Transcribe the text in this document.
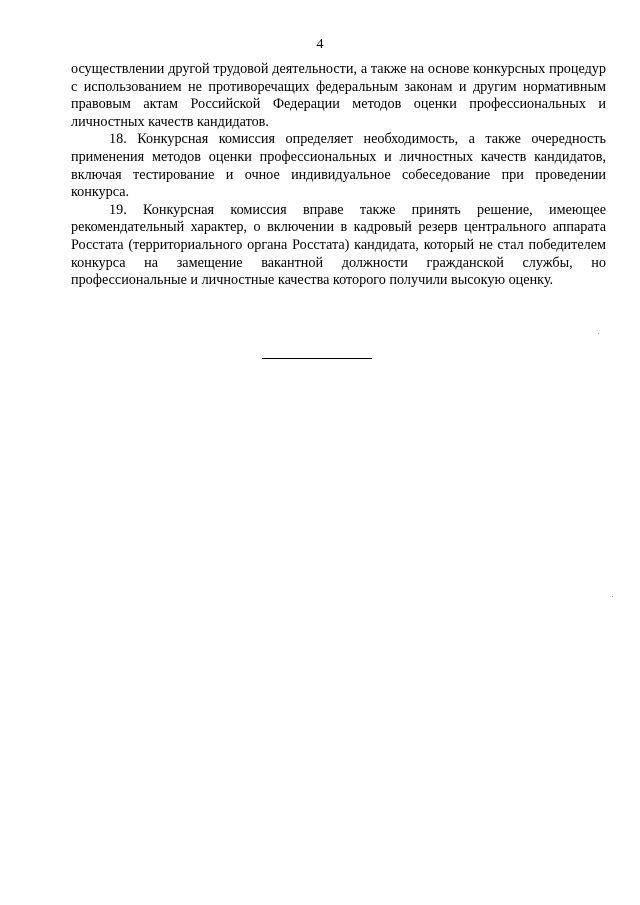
4

осуществлении другой трудовой деятельности, а также на основе конкурсных процедур с использованием не противоречащих федеральным законам и другим нормативным правовым актам Российской Федерации методов оценки профессиональных и личностных качеств кандидатов.

18. Конкурсная комиссия определяет необходимость, а также очередность применения методов оценки профессиональных и личностных качеств кандидатов, включая тестирование и очное индивидуальное собеседование при проведении конкурса.

19. Конкурсная комиссия вправе также принять решение, имеющее рекомендательный характер, о включении в кадровый резерв центрального аппарата Росстата (территориального органа Росстата) кандидата, который не стал победителем конкурса на замещение вакантной должности гражданской службы, но профессиональные и личностные качества которого получили высокую оценку.
